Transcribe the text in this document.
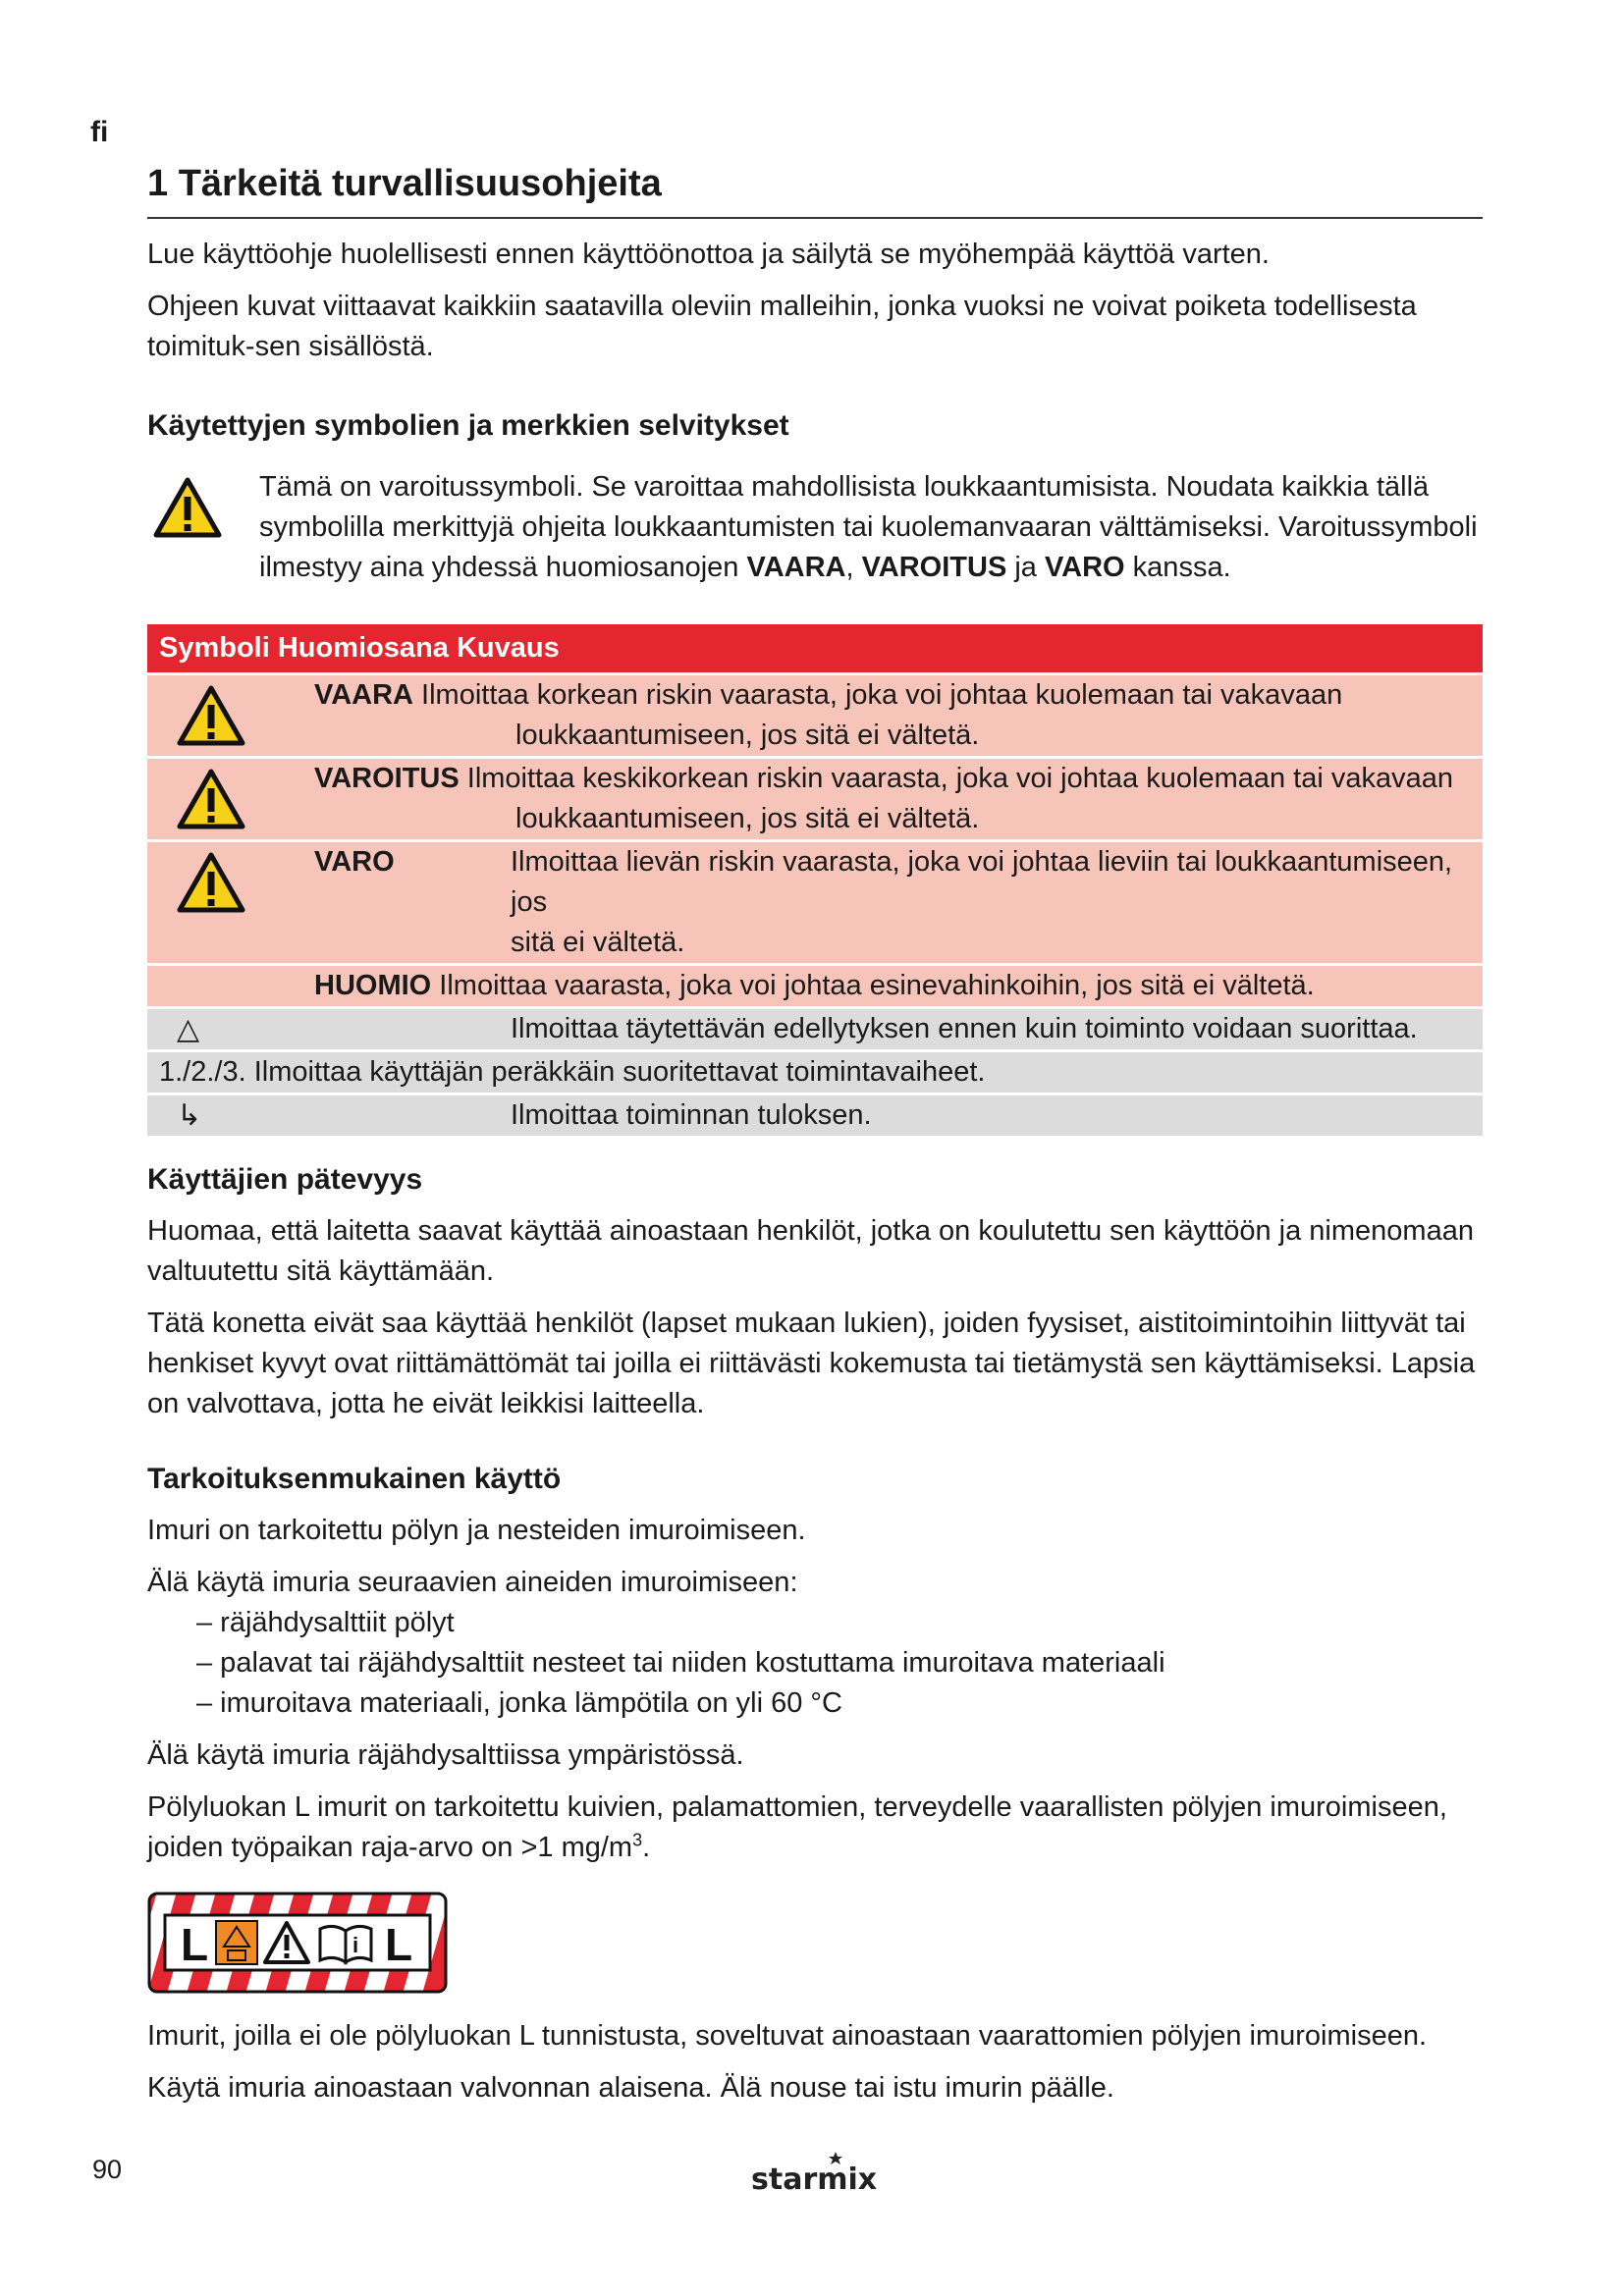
fi
1 Tärkeitä turvallisuusohjeita

Lue käyttöohje huolellisesti ennen käyttöönottoa ja säilytä se myöhempää käyttöä varten.

Ohjeen kuvat viittaavat kaikkiin saatavilla oleviin malleihin, jonka vuoksi ne voivat poiketa todellisesta toimituk-sen sisällöstä.

Käytettyjen symbolien ja merkkien selvitykset

Tämä on varoitussymboli. Se varoittaa mahdollisista loukkaantumisista. Noudata kaikkia tällä symbolilla merkittyjä ohjeita loukkaantumisten tai kuolemanvaaran välttämiseksi. Varoitussymboli ilmestyy aina yhdessä huomiosanojen VAARA, VAROITUS ja VARO kanssa.

Symboli Huomiosana Kuvaus		

VAARA Ilmoittaa korkean riskin vaarasta, joka voi johtaa kuolemaan tai vakavaan
loukkaantumiseen, jos sitä ei vältetä.	

VAROITUS Ilmoittaa keskikorkean riskin vaarasta, joka voi johtaa kuolemaan tai vakavaan
loukkaantumiseen, jos sitä ei vältetä.	

	VARO	Ilmoittaa lievän riskin vaarasta, joka voi johtaa lieviin tai loukkaantumiseen, jos
sitä ei vältetä.

	HUOMIO Ilmoittaa vaarasta, joka voi johtaa esinevahinkoihin, jos sitä ei vältetä.	
△		Ilmoittaa täytettävän edellytyksen ennen kuin toiminto voidaan suorittaa.
1./2./3. Ilmoittaa käyttäjän peräkkäin suoritettavat toimintavaiheet.		
↳		Ilmoittaa toiminnan tuloksen.
Käyttäjien pätevyys

Huomaa, että laitetta saavat käyttää ainoastaan henkilöt, jotka on koulutettu sen käyttöön ja nimenomaan valtuutettu sitä käyttämään.

Tätä konetta eivät saa käyttää henkilöt (lapset mukaan lukien), joiden fyysiset, aistitoimintoihin liittyvät tai henkiset kyvyt ovat riittämättömät tai joilla ei riittävästi kokemusta tai tietämystä sen käyttämiseksi. Lapsia on valvottava, jotta he eivät leikkisi laitteella.

Tarkoituksenmukainen käyttö

Imuri on tarkoitettu pölyn ja nesteiden imuroimiseen.

Älä käytä imuria seuraavien aineiden imuroimiseen:

– räjähdysalttiit pölyt
– palavat tai räjähdysalttiit nesteet tai niiden kostuttama imuroitava materiaali
– imuroitava materiaali, jonka lämpötila on yli 60 °C

Älä käytä imuria räjähdysalttiissa ympäristössä.

Pölyluokan L imurit on tarkoitettu kuivien, palamattomien, terveydelle vaarallisten pölyjen imuroimiseen, joiden työpaikan raja-arvo on >1 $mg/m^3$.

L	i L

Imurit, joilla ei ole pölyluokan L tunnistusta, soveltuvat ainoastaan vaarattomien pölyjen imuroimiseen.

Käytä imuria ainoastaan valvonnan alaisena. Älä nouse tai istu imurin päälle.

90	starmix
